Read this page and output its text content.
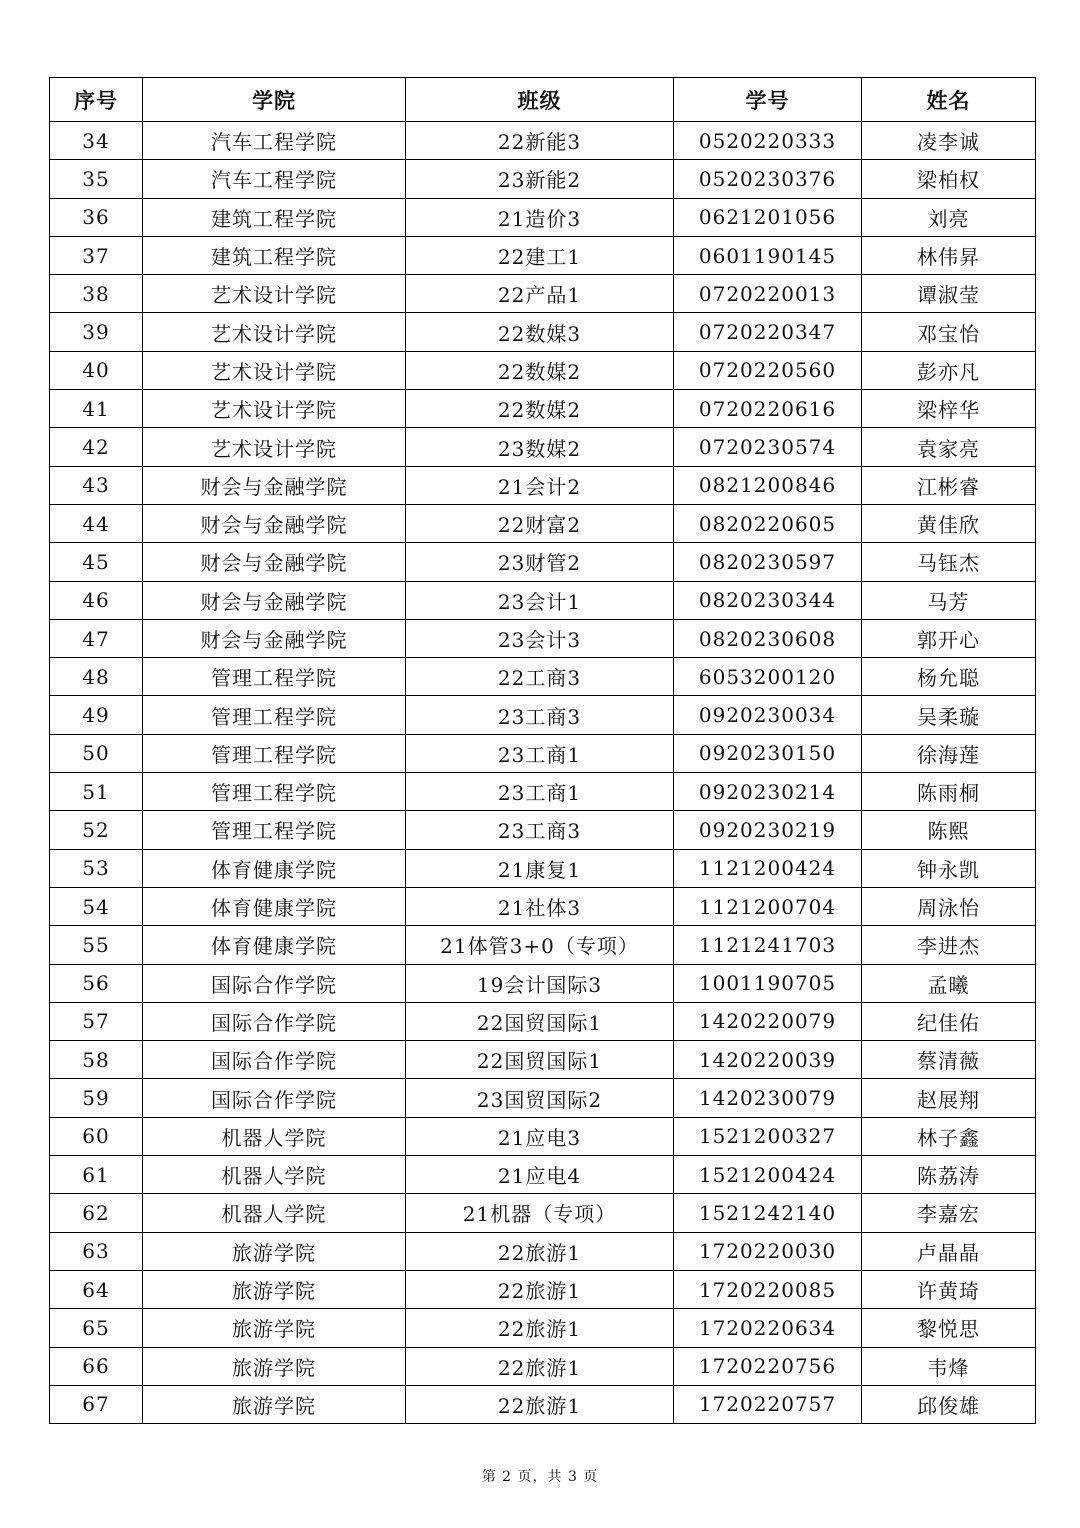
序号	学院	班级	学号	姓名
34	汽车工程学院	22新能3	0520220333	凌李诚
35	汽车工程学院	23新能2	0520230376	梁柏权
36	建筑工程学院	21造价3	0621201056	刘亮
37	建筑工程学院	22建工1	0601190145	林伟昇
38	艺术设计学院	22产品1	0720220013	谭淑莹
39	艺术设计学院	22数媒3	0720220347	邓宝怡
40	艺术设计学院	22数媒2	0720220560	彭亦凡
41	艺术设计学院	22数媒2	0720220616	梁梓华
42	艺术设计学院	23数媒2	0720230574	袁家亮
43	财会与金融学院	21会计2	0821200846	江彬睿
44	财会与金融学院	22财富2	0820220605	黄佳欣
45	财会与金融学院	23财管2	0820230597	马钰杰
46	财会与金融学院	23会计1	0820230344	马芳
47	财会与金融学院	23会计3	0820230608	郭开心
48	管理工程学院	22工商3	6053200120	杨允聪
49	管理工程学院	23工商3	0920230034	吴柔璇
50	管理工程学院	23工商1	0920230150	徐海莲
51	管理工程学院	23工商1	0920230214	陈雨桐
52	管理工程学院	23工商3	0920230219	陈熙
53	体育健康学院	21康复1	1121200424	钟永凯
54	体育健康学院	21社体3	1121200704	周泳怡
55	体育健康学院	21体管3+0（专项）	1121241703	李进杰
56	国际合作学院	19会计国际3	1001190705	孟曦
57	国际合作学院	22国贸国际1	1420220079	纪佳佑
58	国际合作学院	22国贸国际1	1420220039	蔡清薇
59	国际合作学院	23国贸国际2	1420230079	赵展翔
60	机器人学院	21应电3	1521200327	林子鑫
61	机器人学院	21应电4	1521200424	陈荔涛
62	机器人学院	21机器（专项）	1521242140	李嘉宏
63	旅游学院	22旅游1	1720220030	卢晶晶
64	旅游学院	22旅游1	1720220085	许黄琦
65	旅游学院	22旅游1	1720220634	黎悦思
66	旅游学院	22旅游1	1720220756	韦烽
67	旅游学院	22旅游1	1720220757	邱俊雄
第 2 页，共 3 页
